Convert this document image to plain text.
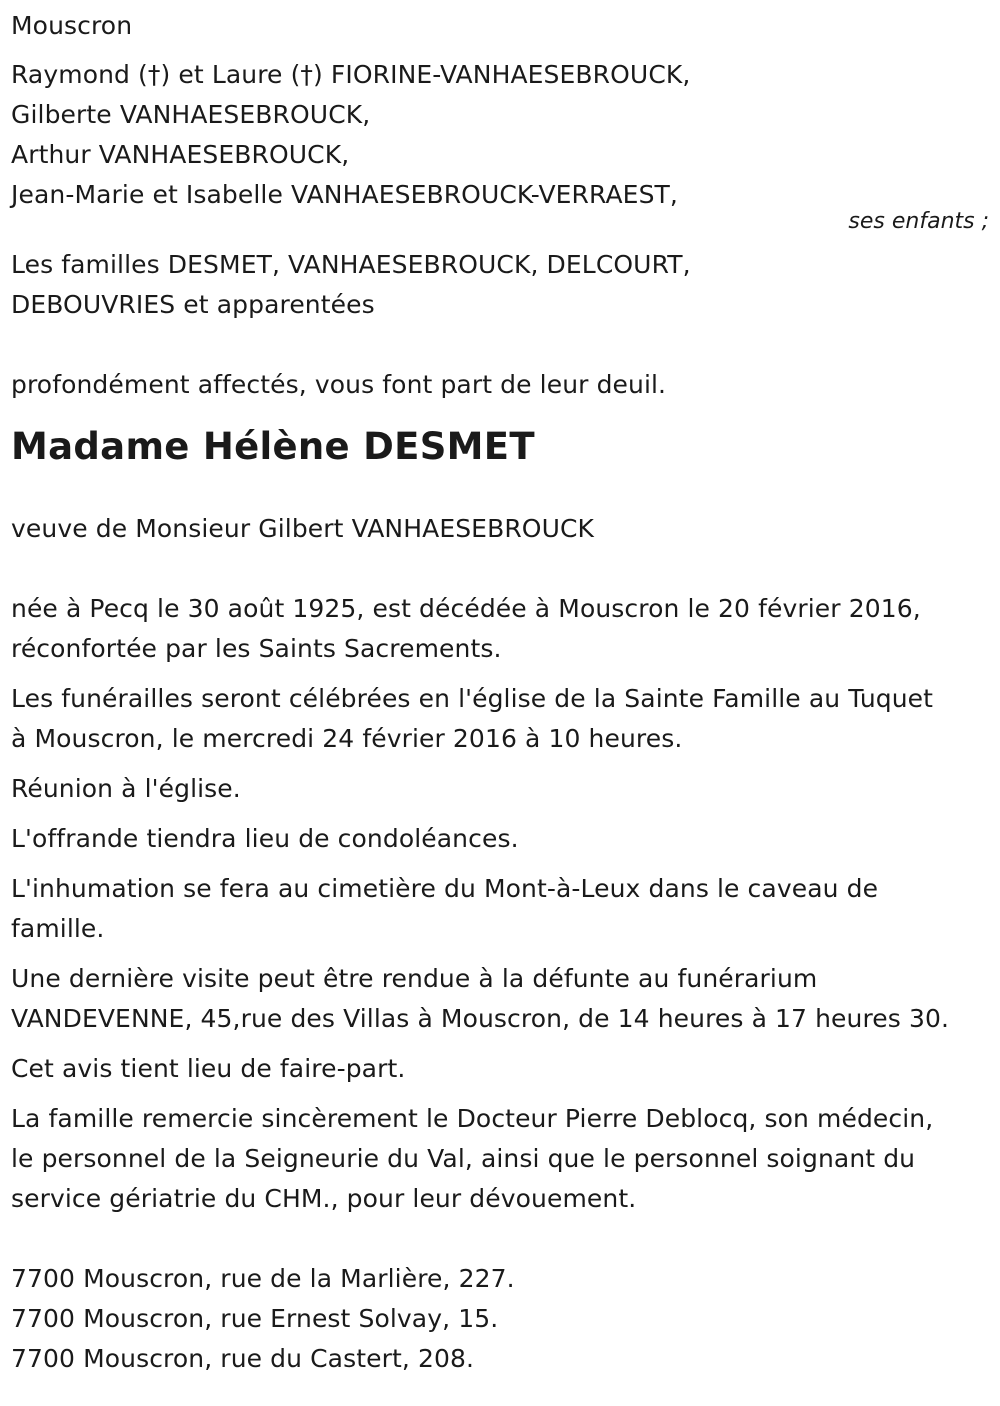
Mouscron
Raymond (†) et Laure (†) FIORINE-VANHAESEBROUCK,
Gilberte VANHAESEBROUCK,
Arthur VANHAESEBROUCK,
Jean-Marie et Isabelle VANHAESEBROUCK-VERRAEST,
ses enfants ;
Les familles DESMET, VANHAESEBROUCK, DELCOURT,
DEBOUVRIES et apparentées
profondément affectés, vous font part de leur deuil.
Madame Hélène DESMET
veuve de Monsieur Gilbert VANHAESEBROUCK
née à Pecq le 30 août 1925, est décédée à Mouscron le 20 février 2016,
réconfortée par les Saints Sacrements.
Les funérailles seront célébrées en l'église de la Sainte Famille au Tuquet
à Mouscron, le mercredi 24 février 2016 à 10 heures.
Réunion à l'église.
L'offrande tiendra lieu de condoléances.
L'inhumation se fera au cimetière du Mont-à-Leux dans le caveau de
famille.
Une dernière visite peut être rendue à la défunte au funérarium
VANDEVENNE, 45,rue des Villas à Mouscron, de 14 heures à 17 heures 30.
Cet avis tient lieu de faire-part.
La famille remercie sincèrement le Docteur Pierre Deblocq, son médecin,
le personnel de la Seigneurie du Val, ainsi que le personnel soignant du
service gériatrie du CHM., pour leur dévouement.
7700 Mouscron, rue de la Marlière, 227.
7700 Mouscron, rue Ernest Solvay, 15.
7700 Mouscron, rue du Castert, 208.
